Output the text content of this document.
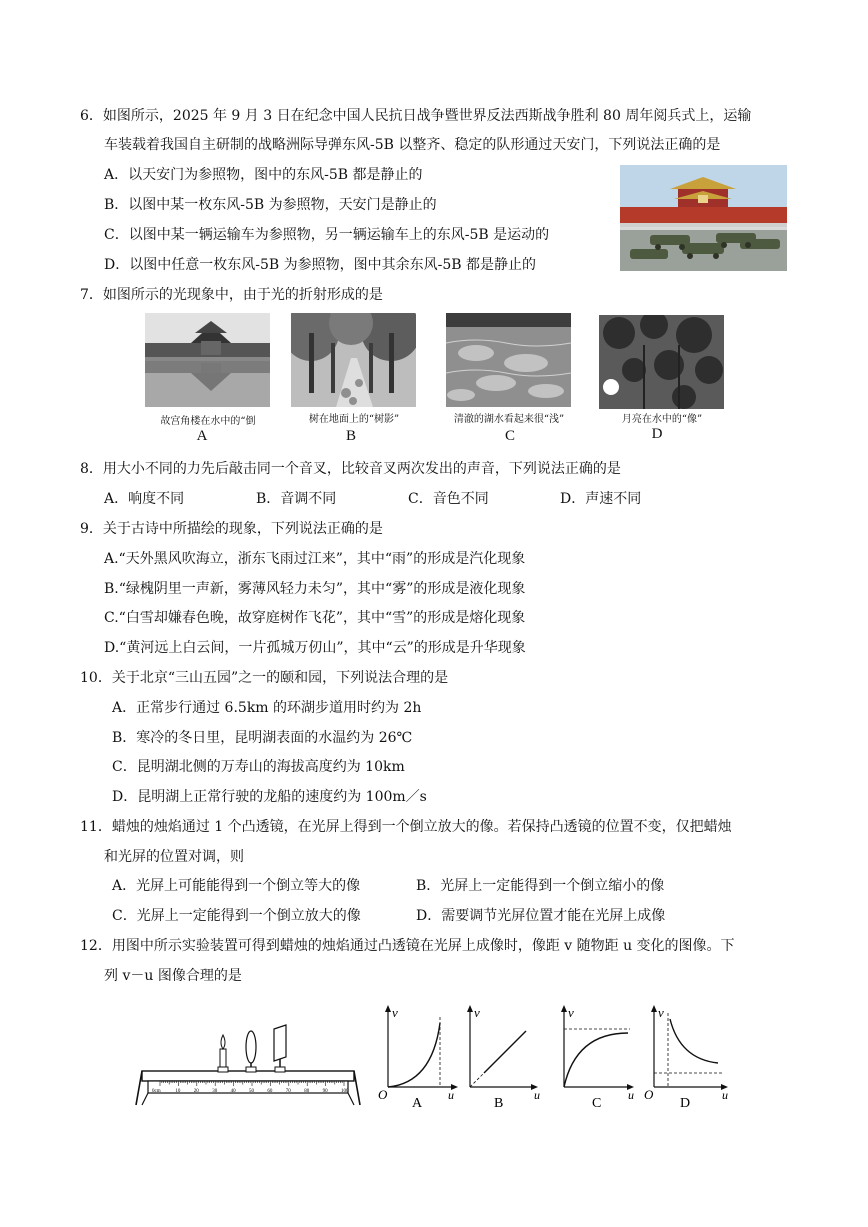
6．如图所示，2025 年 9 月 3 日在纪念中国人民抗日战争暨世界反法西斯战争胜利 80 周年阅兵式上，运输
车装载着我国自主研制的战略洲际导弹东风-5B 以整齐、稳定的队形通过天安门，下列说法正确的是
A．以天安门为参照物，图中的东风-5B 都是静止的
B．以图中某一枚东风-5B 为参照物，天安门是静止的
C．以图中某一辆运输车为参照物，另一辆运输车上的东风-5B 是运动的
D．以图中任意一枚东风-5B 为参照物，图中其余东风-5B 都是静止的
7．如图所示的光现象中，由于光的折射形成的是
故宫角楼在水中的“倒	树在地面上的“树影”	清澈的湖水看起来很“浅”	月亮在水中的“像”
A	B	C	D
8．用大小不同的力先后敲击同一个音叉，比较音叉两次发出的声音，下列说法正确的是
A．响度不同	B．音调不同	C．音色不同	D．声速不同
9．关于古诗中所描绘的现象，下列说法正确的是
A.“天外黑风吹海立，浙东飞雨过江来”，其中“雨”的形成是汽化现象
B.“绿槐阴里一声新，雾薄风轻力未匀”，其中“雾”的形成是液化现象
C.“白雪却嫌春色晚，故穿庭树作飞花”，其中“雪”的形成是熔化现象
D.“黄河远上白云间，一片孤城万仞山”，其中“云”的形成是升华现象
10．关于北京“三山五园”之一的颐和园，下列说法合理的是
A．正常步行通过 6.5km 的环湖步道用时约为 2h
B．寒冷的冬日里，昆明湖表面的水温约为 26℃
C．昆明湖北侧的万寿山的海拔高度约为 10km
D．昆明湖上正常行驶的龙船的速度约为 100m／s
11．蜡烛的烛焰通过 1 个凸透镜，在光屏上得到一个倒立放大的像。若保持凸透镜的位置不变，仅把蜡烛
和光屏的位置对调，则
A．光屏上可能能得到一个倒立等大的像	B．光屏上一定能得到一个倒立缩小的像
C．光屏上一定能得到一个倒立放大的像	D．需要调节光屏位置才能在光屏上成像
12．用图中所示实验装置可得到蜡烛的烛焰通过凸透镜在光屏上成像时，像距 v 随物距 u 变化的图像。下
列 v－u 图像合理的是
0cm	10	20	30	40	50	60	70	80	90	100
v
u
O
A
v
u
B
v
u
C
v
u
O
D
